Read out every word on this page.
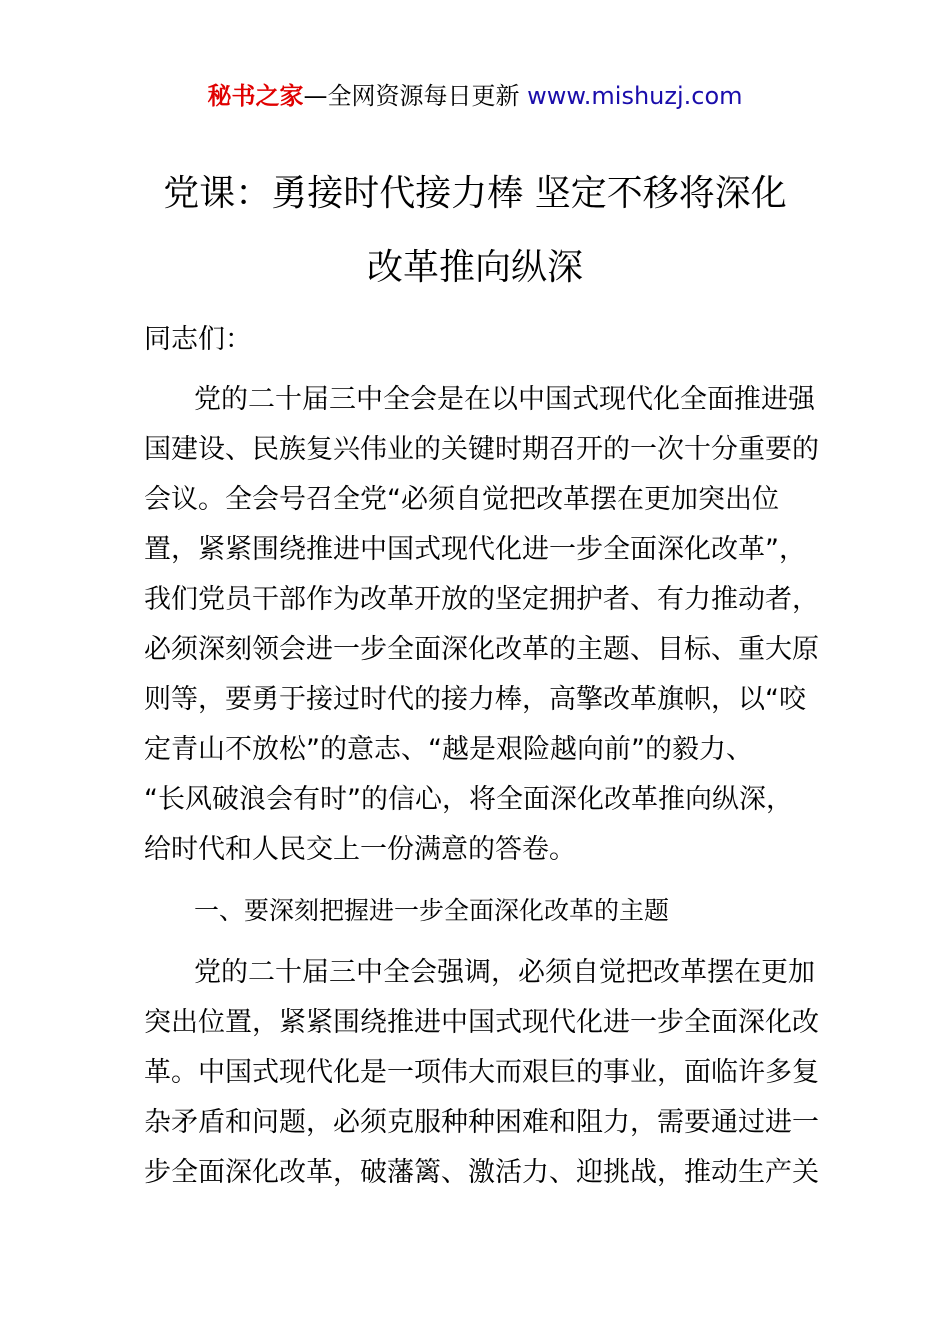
秘书之家—全网资源每日更新 www.mishuzj.com
党课：勇接时代接力棒 坚定不移将深化
改革推向纵深
同志们：
党的二十届三中全会是在以中国式现代化全面推进强
国建设、民族复兴伟业的关键时期召开的一次十分重要的
会议。全会号召全党“必须自觉把改革摆在更加突出位
置，紧紧围绕推进中国式现代化进一步全面深化改革”，
我们党员干部作为改革开放的坚定拥护者、有力推动者，
必须深刻领会进一步全面深化改革的主题、目标、重大原
则等，要勇于接过时代的接力棒，高擎改革旗帜，以“咬
定青山不放松”的意志、“越是艰险越向前”的毅力、
“长风破浪会有时”的信心，将全面深化改革推向纵深，
给时代和人民交上一份满意的答卷。
一、要深刻把握进一步全面深化改革的主题
党的二十届三中全会强调，必须自觉把改革摆在更加
突出位置，紧紧围绕推进中国式现代化进一步全面深化改
革。中国式现代化是一项伟大而艰巨的事业，面临许多复
杂矛盾和问题，必须克服种种困难和阻力，需要通过进一
步全面深化改革，破藩篱、激活力、迎挑战，推动生产关
